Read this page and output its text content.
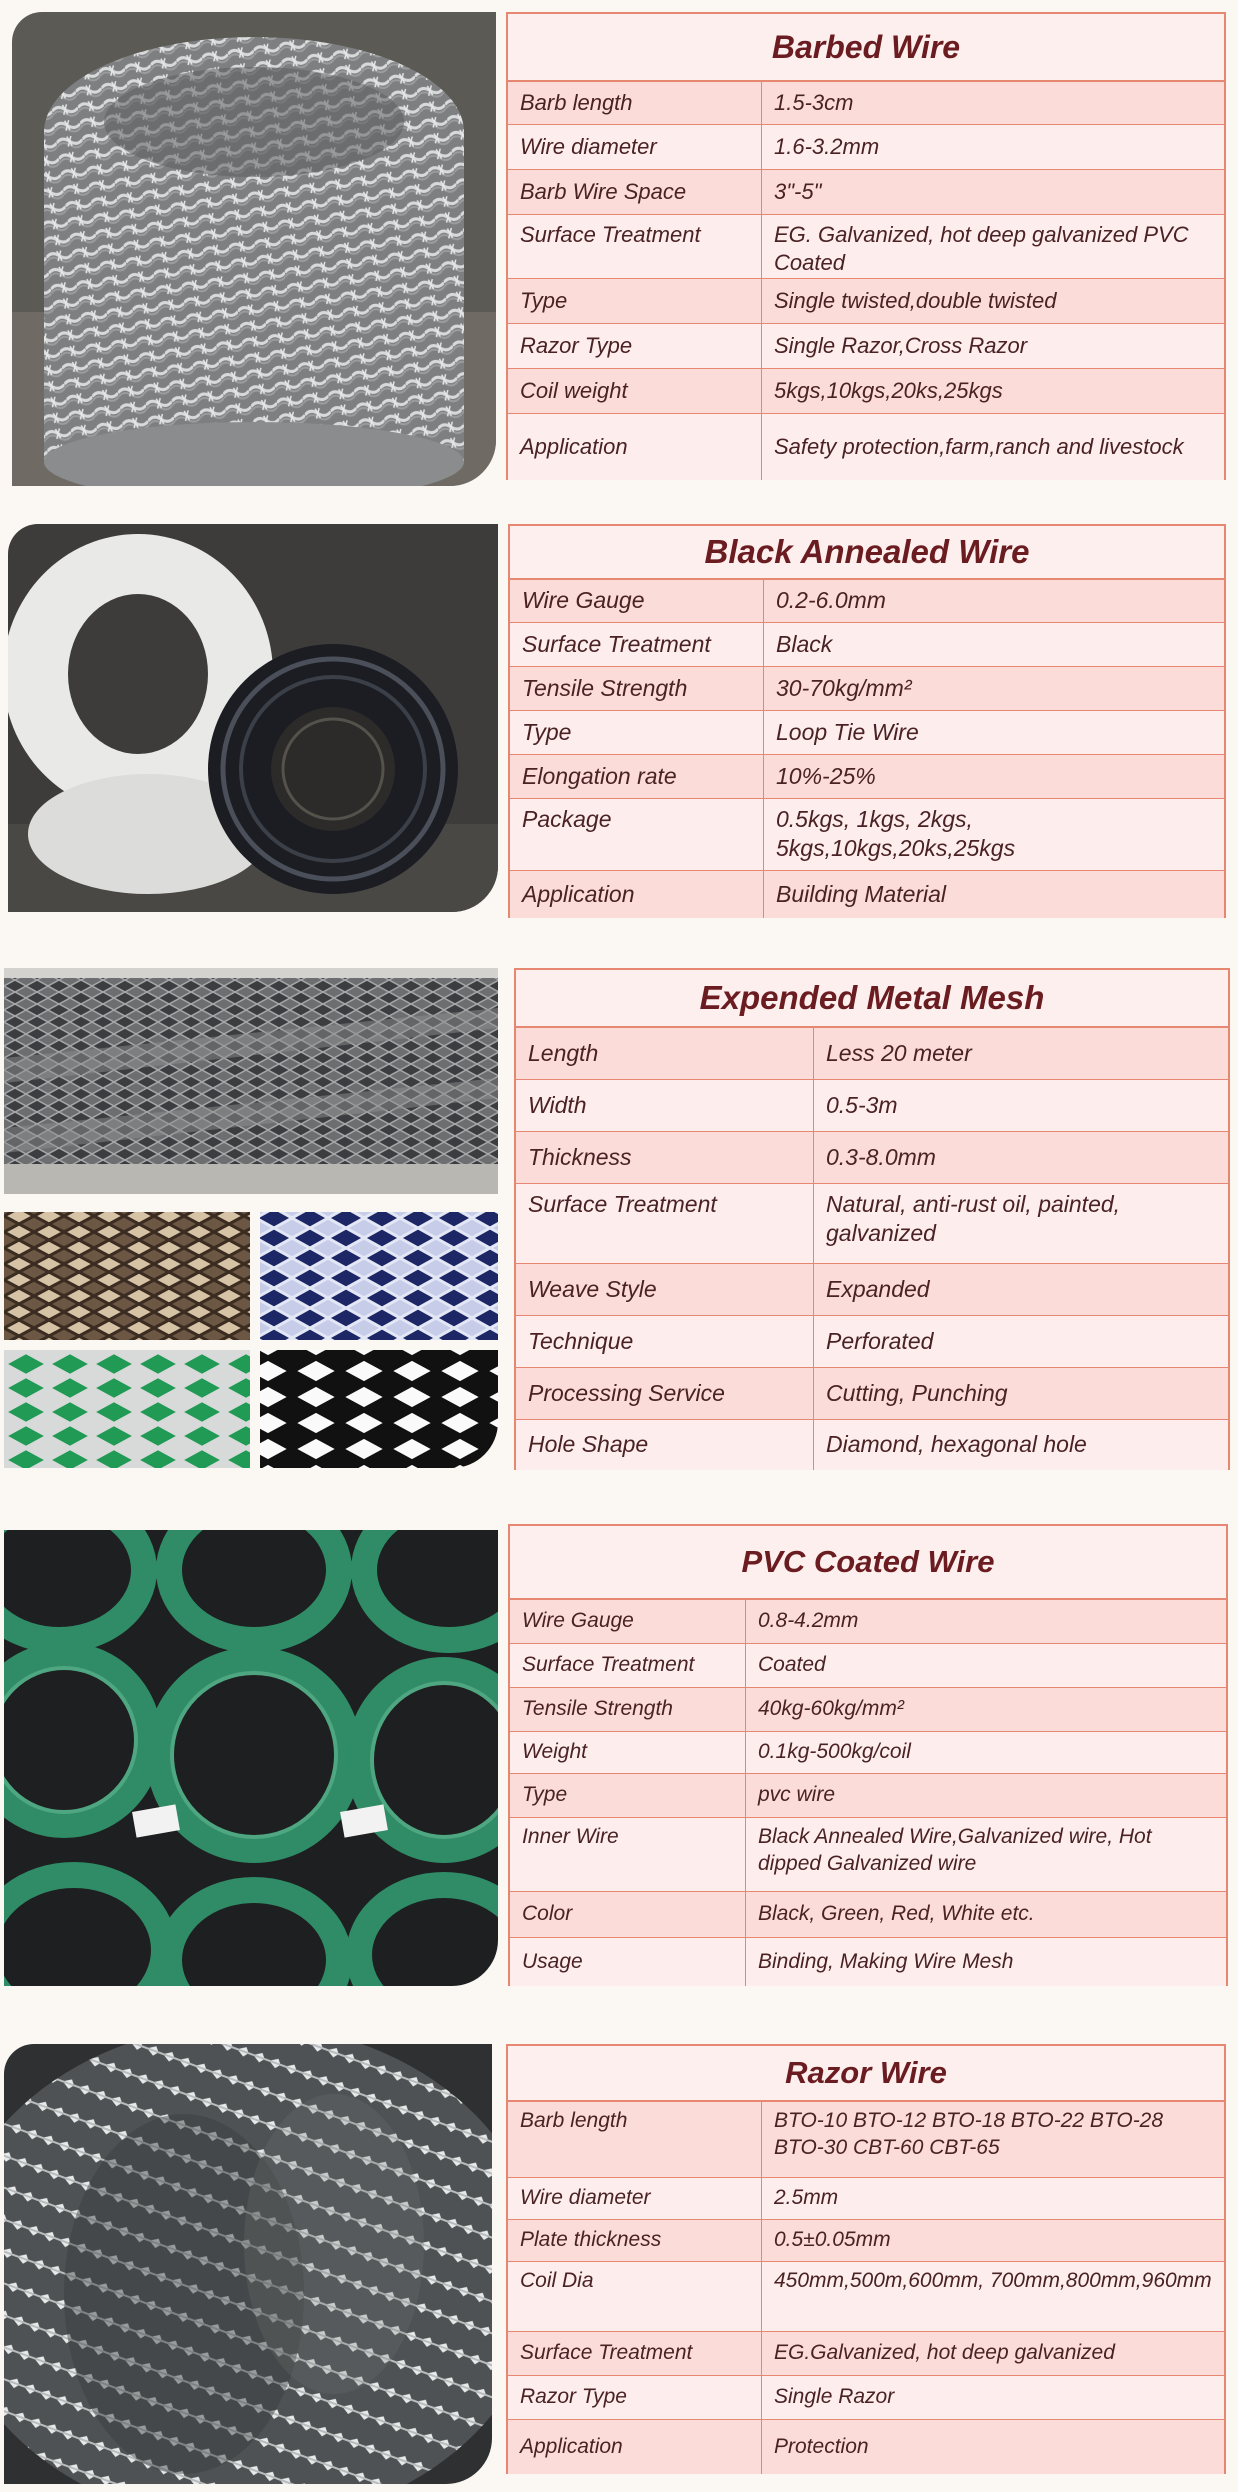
Barbed Wire
Barb length	1.5-3cm
Wire diameter	1.6-3.2mm
Barb Wire Space	3"-5"
Surface Treatment	EG. Galvanized, hot deep galvanized PVC Coated
Type	Single twisted,double twisted
Razor Type	Single Razor,Cross Razor
Coil weight	5kgs,10kgs,20ks,25kgs
Application	Safety protection,farm,ranch and livestock
Black Annealed Wire
Wire Gauge	0.2-6.0mm
Surface Treatment	Black
Tensile Strength	30-70kg/mm²
Type	Loop Tie Wire
Elongation rate	10%-25%
Package	0.5kgs, 1kgs, 2kgs, 5kgs,10kgs,20ks,25kgs
Application	Building Material
Expended Metal Mesh
Length	Less 20 meter
Width	0.5-3m
Thickness	0.3-8.0mm
Surface Treatment	Natural, anti-rust oil, painted, galvanized
Weave Style	Expanded
Technique	Perforated
Processing Service	Cutting, Punching
Hole Shape	Diamond, hexagonal hole
PVC Coated Wire
Wire Gauge	0.8-4.2mm
Surface Treatment	Coated
Tensile Strength	40kg-60kg/mm²
Weight	0.1kg-500kg/coil
Type	pvc wire
Inner Wire	Black Annealed Wire,Galvanized wire, Hot dipped Galvanized wire
Color	Black, Green, Red, White etc.
Usage	Binding, Making Wire Mesh
Razor Wire
Barb length	BTO-10 BTO-12 BTO-18 BTO-22 BTO-28 BTO-30 CBT-60 CBT-65
Wire diameter	2.5mm
Plate thickness	0.5±0.05mm
Coil Dia	450mm,500m,600mm, 700mm,800mm,960mm
Surface Treatment	EG.Galvanized, hot deep galvanized
Razor Type	Single Razor
Application	Protection
